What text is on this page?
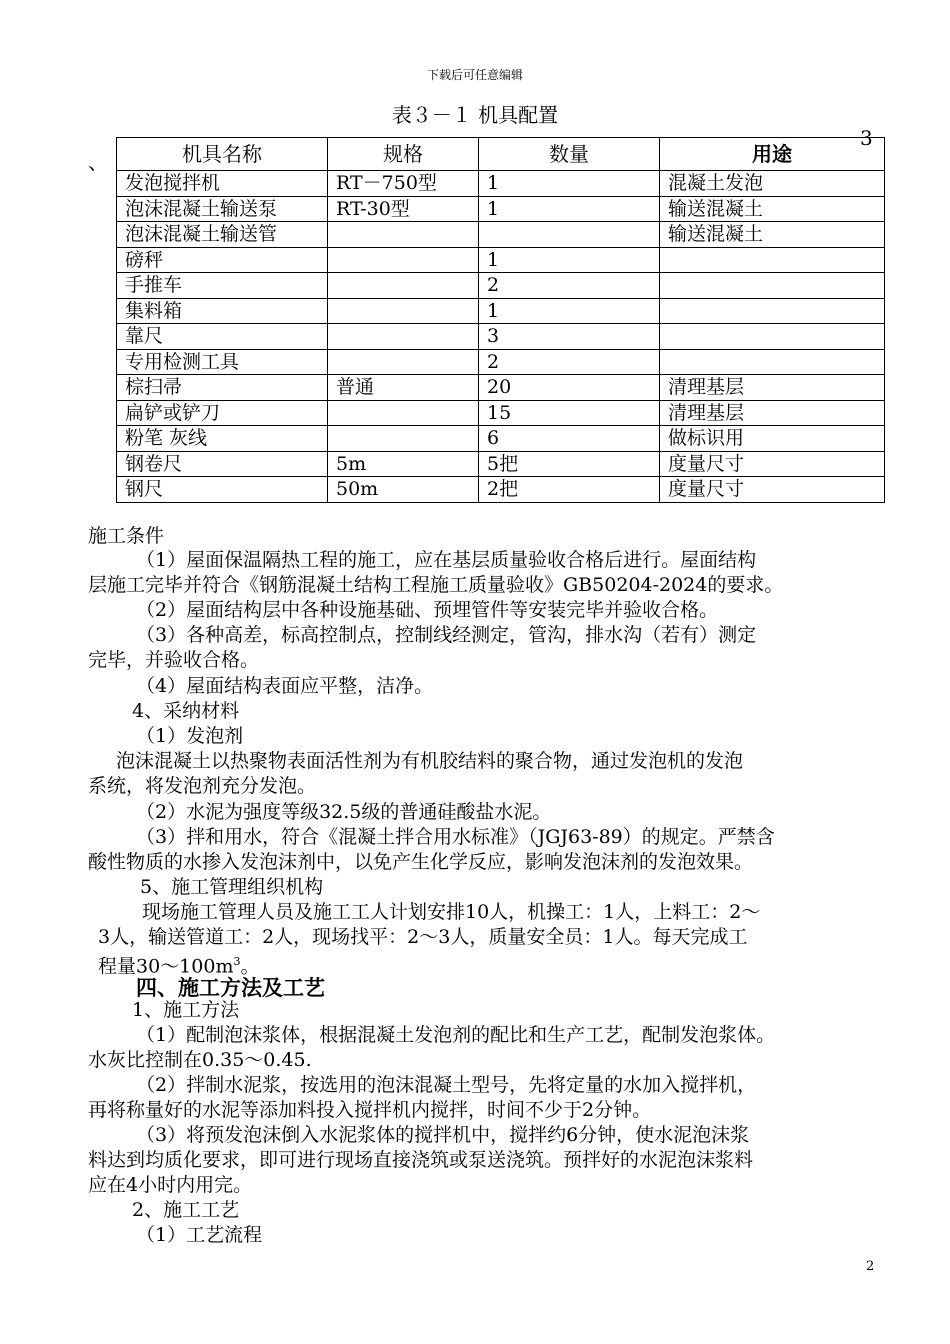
下载后可任意编辑
表３－１ 机具配置
3
、	机具名称	规格	数量	用途
发泡搅拌机	RT－750型	1	混凝土发泡
泡沫混凝土输送泵	RT-30型	1	输送混凝土
泡沫混凝土输送管			输送混凝土
磅秤		1	
手推车		2	
集料箱		1	
靠尺		3	
专用检测工具		2	
棕扫帚	普通	20	清理基层
扁铲或铲刀		15	清理基层
粉笔 灰线		6	做标识用
钢卷尺	5m	5把	度量尺寸
钢尺	50m	2把	度量尺寸
施工条件
（1）屋面保温隔热工程的施工，应在基层质量验收合格后进行。屋面结构
层施工完毕并符合《钢筋混凝土结构工程施工质量验收》GB50204-2024的要求。
（2）屋面结构层中各种设施基础、预埋管件等安装完毕并验收合格。
（3）各种高差，标高控制点，控制线经测定，管沟，排水沟（若有）测定
完毕，并验收合格。
（4）屋面结构表面应平整，洁净。
4、采纳材料
（1）发泡剂
泡沫混凝土以热聚物表面活性剂为有机胶结料的聚合物，通过发泡机的发泡
系统，将发泡剂充分发泡。
（2）水泥为强度等级32.5级的普通硅酸盐水泥。
（3）拌和用水，符合《混凝土拌合用水标准》（JGJ63-89）的规定。严禁含
酸性物质的水掺入发泡沫剂中，以免产生化学反应，影响发泡沫剂的发泡效果。
5、施工管理组织机构
现场施工管理人员及施工工人计划安排10人，机操工：1人，上料工：2～
3人，输送管道工：2人，现场找平：2～3人，质量安全员：1人。每天完成工
程量$30\sim 100m^3$。
四、施工方法及工艺
1、施工方法
（1）配制泡沫浆体，根据混凝土发泡剂的配比和生产工艺，配制发泡浆体。
水灰比控制在0.35～0.45.
（2）拌制水泥浆，按选用的泡沫混凝土型号，先将定量的水加入搅拌机，
再将称量好的水泥等添加料投入搅拌机内搅拌，时间不少于2分钟。
（3）将预发泡沫倒入水泥浆体的搅拌机中，搅拌约6分钟，使水泥泡沫浆
料达到均质化要求，即可进行现场直接浇筑或泵送浇筑。预拌好的水泥泡沫浆料
应在4小时内用完。
2、施工工艺
（1）工艺流程
2
